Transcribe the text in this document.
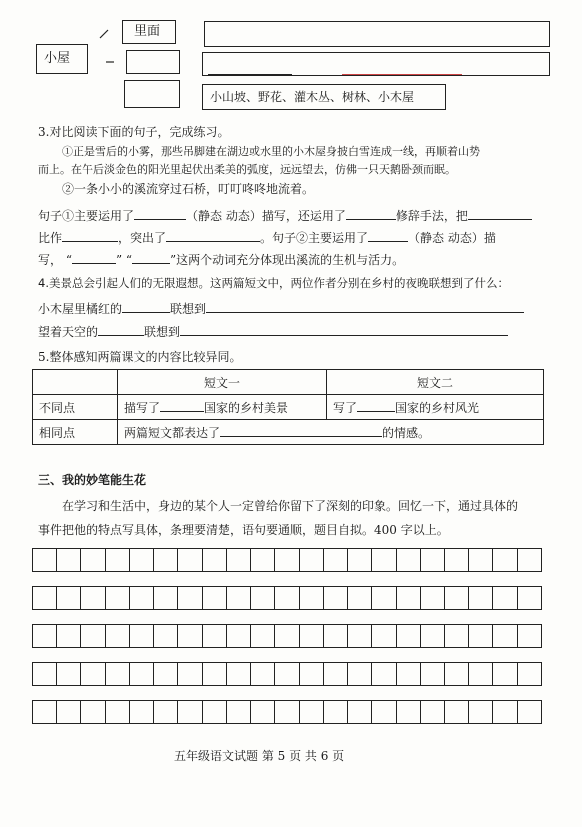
小屋
里面
小山坡、野花、灌木丛、树林、小木屋
3.对比阅读下面的句子，完成练习。
①正是雪后的小雾，那些吊脚建在湖边或水里的小木屋身披白雪连成一线，再顺着山势
而上。在午后淡金色的阳光里起伏出柔美的弧度，远远望去，仿佛一只天鹅卧颈而眠。
②一条小小的溪流穿过石桥，叮叮咚咚地流着。
句子①主要运用了	（静态 动态）描写，还运用了	修辞手法，把
比作	，突出了	。句子②主要运用了	（静态 动态）描
写， “	” “	”这两个动词充分体现出溪流的生机与活力。
4.美景总会引起人们的无限遐想。这两篇短文中，两位作者分别在乡村的夜晚联想到了什么：
小木屋里橘红的	联想到
望着天空的	联想到
5.整体感知两篇课文的内容比较异同。
	短文一	短文二
不同点	描写了 国家的乡村美景	写了 国家的乡村风光
相同点	两篇短文都表达了 的情感。	
三、我的妙笔能生花
在学习和生活中，身边的某个人一定曾给你留下了深刻的印象。回忆一下，通过具体的
事件把他的特点写具体，条理要清楚，语句要通顺，题目自拟。400 字以上。
五年级语文试题 第 5 页 共 6 页
